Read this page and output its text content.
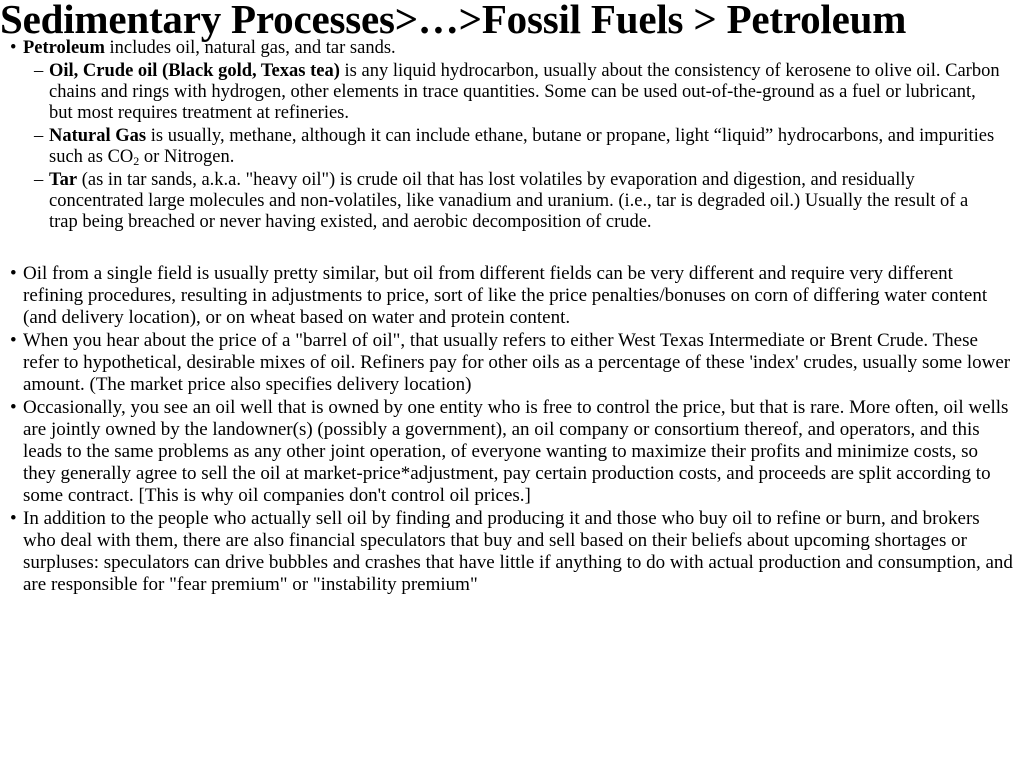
Sedimentary Processes>…>Fossil Fuels > Petroleum
• Petroleum includes oil, natural gas, and tar sands.
– Oil, Crude oil (Black gold, Texas tea) is any liquid hydrocarbon, usually about the consistency of kerosene to olive oil. Carbon chains and rings with hydrogen, other elements in trace quantities. Some can be used out-of-the-ground as a fuel or lubricant, but most requires treatment at refineries.
– Natural Gas is usually, methane, although it can include ethane, butane or propane, light “liquid” hydrocarbons, and impurities such as $CO_2$ or Nitrogen.
– Tar (as in tar sands, a.k.a. "heavy oil") is crude oil that has lost volatiles by evaporation and digestion, and residually concentrated large molecules and non-volatiles, like vanadium and uranium. (i.e., tar is degraded oil.) Usually the result of a trap being breached or never having existed, and aerobic decomposition of crude.
• Oil from a single field is usually pretty similar, but oil from different fields can be very different and require very different refining procedures, resulting in adjustments to price, sort of like the price penalties/bonuses on corn of differing water content (and delivery location), or on wheat based on water and protein content.
• When you hear about the price of a "barrel of oil", that usually refers to either West Texas Intermediate or Brent Crude. These refer to hypothetical, desirable mixes of oil. Refiners pay for other oils as a percentage of these 'index' crudes, usually some lower amount. (The market price also specifies delivery location)
• Occasionally, you see an oil well that is owned by one entity who is free to control the price, but that is rare. More often, oil wells are jointly owned by the landowner(s) (possibly a government), an oil company or consortium thereof, and operators, and this leads to the same problems as any other joint operation, of everyone wanting to maximize their profits and minimize costs, so they generally agree to sell the oil at market-price*adjustment, pay certain production costs, and proceeds are split according to some contract. [This is why oil companies don't control oil prices.]
• In addition to the people who actually sell oil by finding and producing it and those who buy oil to refine or burn, and brokers who deal with them, there are also financial speculators that buy and sell based on their beliefs about upcoming shortages or surpluses: speculators can drive bubbles and crashes that have little if anything to do with actual production and consumption, and are responsible for "fear premium" or "instability premium"
